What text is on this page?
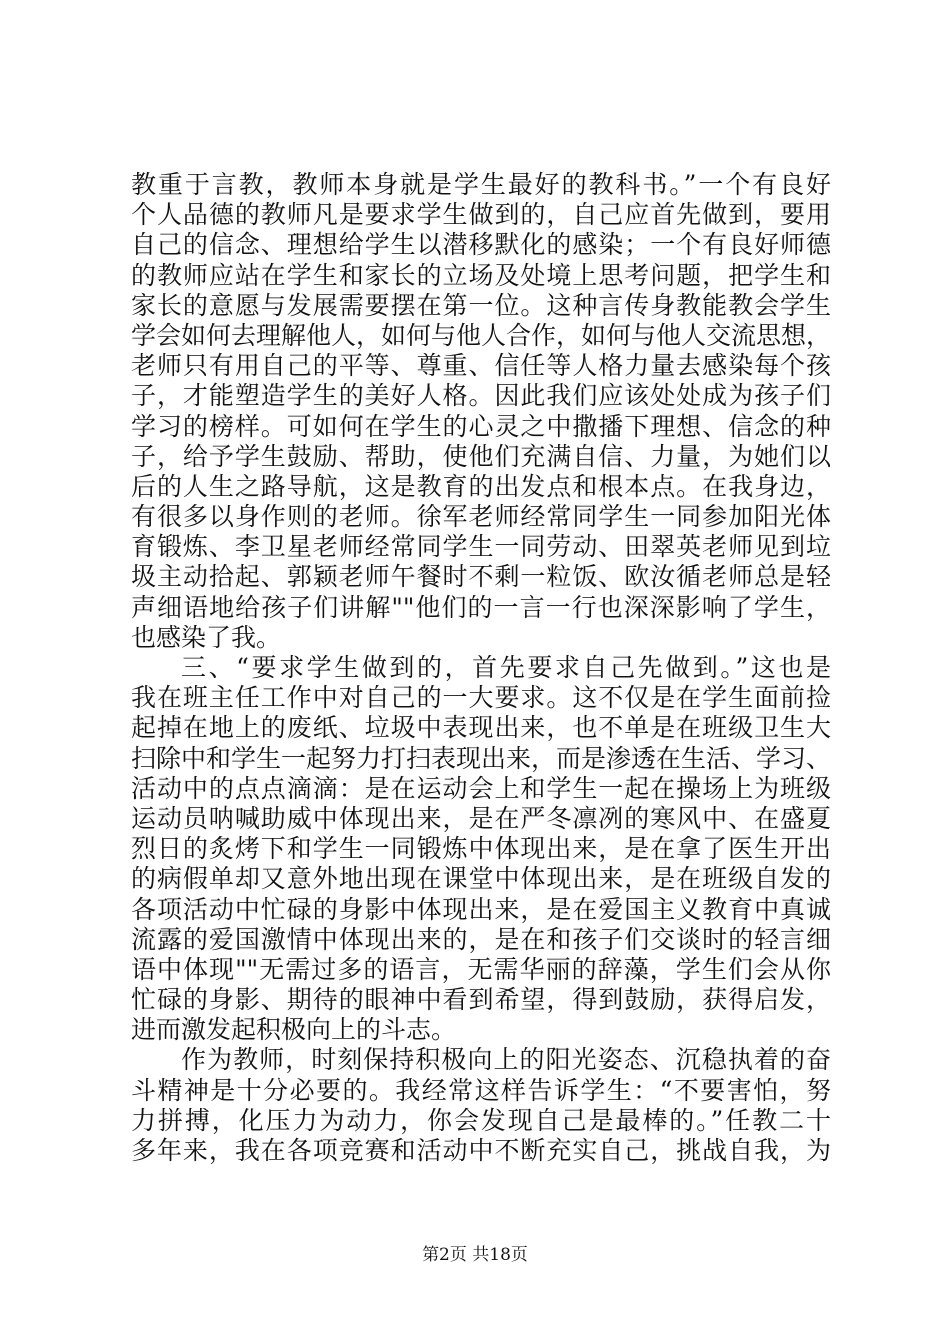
教重于言教，教师本身就是学生最好的教科书。”一个有良好
个人品德的教师凡是要求学生做到的，自己应首先做到，要用
自己的信念、理想给学生以潜移默化的感染；一个有良好师德
的教师应站在学生和家长的立场及处境上思考问题，把学生和
家长的意愿与发展需要摆在第一位。这种言传身教能教会学生
学会如何去理解他人，如何与他人合作，如何与他人交流思想，
老师只有用自己的平等、尊重、信任等人格力量去感染每个孩
子，才能塑造学生的美好人格。因此我们应该处处成为孩子们
学习的榜样。可如何在学生的心灵之中撒播下理想、信念的种
子，给予学生鼓励、帮助，使他们充满自信、力量，为她们以
后的人生之路导航，这是教育的出发点和根本点。在我身边，
有很多以身作则的老师。徐军老师经常同学生一同参加阳光体
育锻炼、李卫星老师经常同学生一同劳动、田翠英老师见到垃
圾主动拾起、郭颖老师午餐时不剩一粒饭、欧汝循老师总是轻
声细语地给孩子们讲解""他们的一言一行也深深影响了学生，
也感染了我。
三、“要求学生做到的，首先要求自己先做到。”这也是
我在班主任工作中对自己的一大要求。这不仅是在学生面前捡
起掉在地上的废纸、垃圾中表现出来，也不单是在班级卫生大
扫除中和学生一起努力打扫表现出来，而是渗透在生活、学习、
活动中的点点滴滴：是在运动会上和学生一起在操场上为班级
运动员呐喊助威中体现出来，是在严冬凛冽的寒风中、在盛夏
烈日的炙烤下和学生一同锻炼中体现出来，是在拿了医生开出
的病假单却又意外地出现在课堂中体现出来，是在班级自发的
各项活动中忙碌的身影中体现出来，是在爱国主义教育中真诚
流露的爱国激情中体现出来的，是在和孩子们交谈时的轻言细
语中体现""无需过多的语言，无需华丽的辞藻，学生们会从你
忙碌的身影、期待的眼神中看到希望，得到鼓励，获得启发，
进而激发起积极向上的斗志。
作为教师，时刻保持积极向上的阳光姿态、沉稳执着的奋
斗精神是十分必要的。我经常这样告诉学生：“不要害怕，努
力拼搏，化压力为动力，你会发现自己是最棒的。”任教二十
多年来，我在各项竞赛和活动中不断充实自己，挑战自我，为
第2页 共18页
